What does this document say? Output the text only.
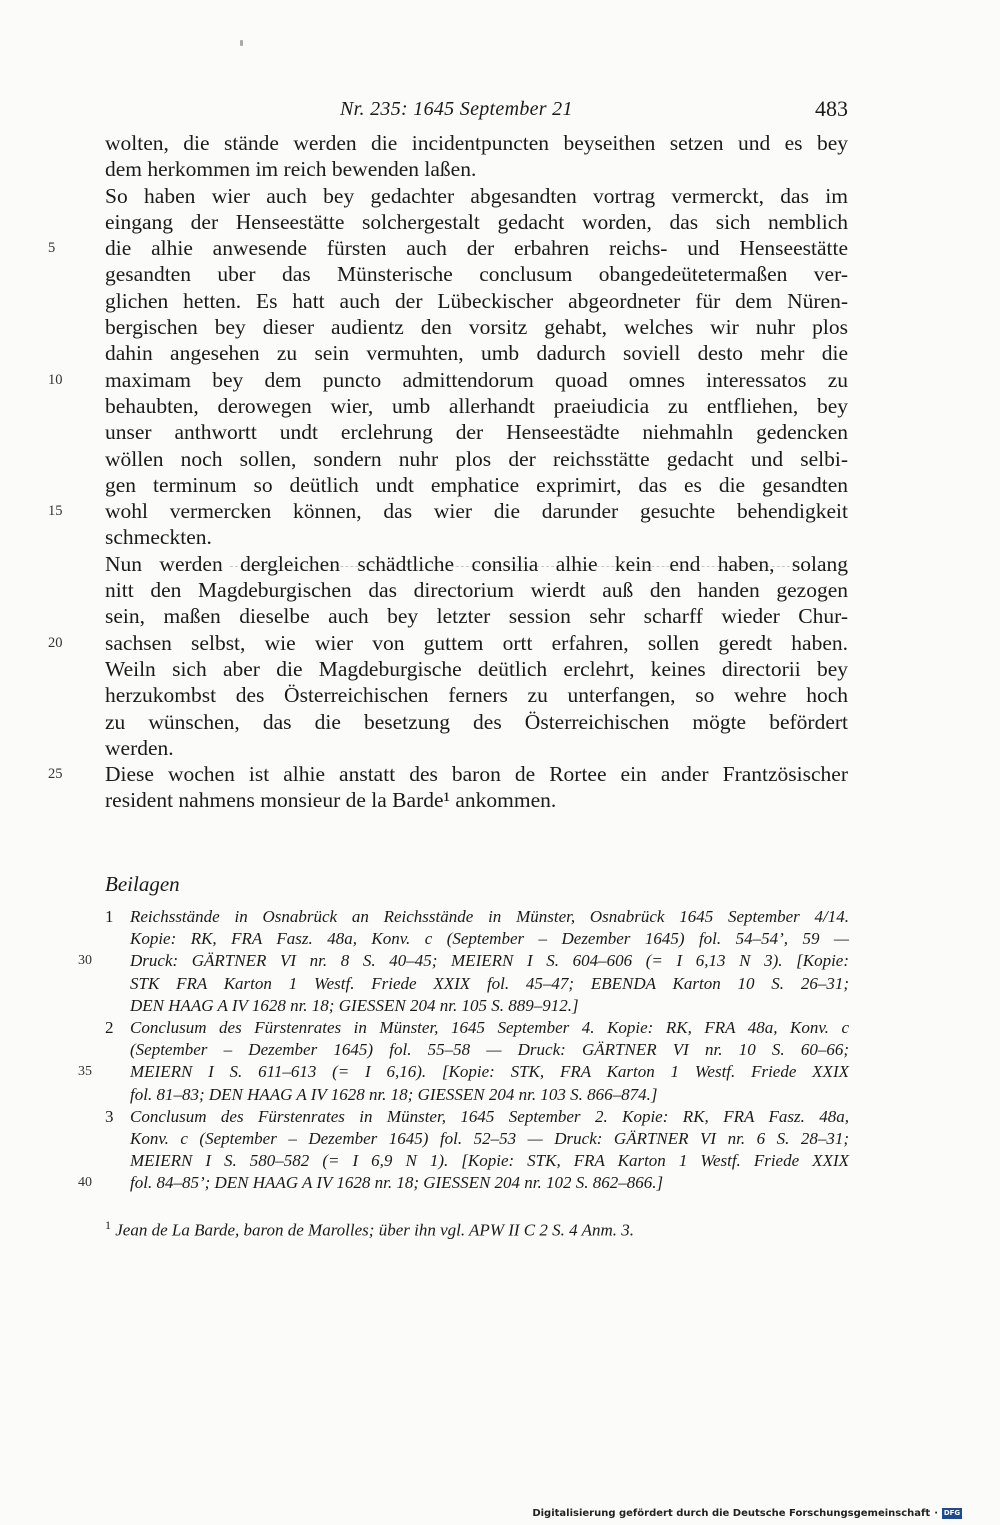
Nr. 235: 1645 September 21	483
wolten, die stände werden die incidentpuncten beyseithen setzen und es bey
dem herkommen im reich bewenden laßen.
So haben wier auch bey gedachter abgesandten vortrag vermerckt, das im
eingang der Henseestätte solchergestalt gedacht worden, das sich nemblich
5 die alhie anwesende fürsten auch der erbahren reichs- und Henseestätte
gesandten uber das Münsterische conclusum obangedeütetermaßen ver-
glichen hetten. Es hatt auch der Lübeckischer abgeordneter für dem Nüren-
bergischen bey dieser audientz den vorsitz gehabt, welches wir nuhr plos
dahin angesehen zu sein vermuhten, umb dadurch soviell desto mehr die
10 maximam bey dem puncto admittendorum quoad omnes interessatos zu
behaubten, derowegen wier, umb allerhandt praeiudicia zu entfliehen, bey
unser anthwortt undt erclehrung der Henseestädte niehmahln gedencken
wöllen noch sollen, sondern nuhr plos der reichsstätte gedacht und selbi-
gen terminum so deütlich undt emphatice exprimirt, das es die gesandten
15 wohl vermercken können, das wier die darunder gesuchte behendigkeit
schmeckten.
Nun werden dergleichen schädtliche consilia alhie kein end haben, solang
nitt den Magdeburgischen das directorium wierdt auß den handen gezogen
sein, maßen dieselbe auch bey letzter session sehr scharff wieder Chur-
20 sachsen selbst, wie wier von guttem ortt erfahren, sollen geredt haben.
Weiln sich aber die Magdeburgische deütlich erclehrt, keines directorii bey
herzukombst des Österreichischen ferners zu unterfangen, so wehre hoch
zu wünschen, das die besetzung des Österreichischen mögte befördert
werden.
25 Diese wochen ist alhie anstatt des baron de Rortee ein ander Frantzösischer
resident nahmens monsieur de la Barde¹ ankommen.
Beilagen
1 Reichsstände in Osnabrück an Reichsstände in Münster, Osnabrück 1645 September 4/14.
Kopie: RK, FRA Fasz. 48a, Konv. c (September – Dezember 1645) fol. 54–54’, 59 —
30 Druck: GÄRTNER VI nr. 8 S. 40–45; MEIERN I S. 604–606 (= I 6,13 N 3). [Kopie:
STK FRA Karton 1 Westf. Friede XXIX fol. 45–47; EBENDA Karton 10 S. 26–31;
DEN HAAG A IV 1628 nr. 18; GIESSEN 204 nr. 105 S. 889–912.]
2 Conclusum des Fürstenrates in Münster, 1645 September 4. Kopie: RK, FRA 48a, Konv. c
(September – Dezember 1645) fol. 55–58 — Druck: GÄRTNER VI nr. 10 S. 60–66;
35 MEIERN I S. 611–613 (= I 6,16). [Kopie: STK, FRA Karton 1 Westf. Friede XXIX
fol. 81–83; DEN HAAG A IV 1628 nr. 18; GIESSEN 204 nr. 103 S. 866–874.]
3 Conclusum des Fürstenrates in Münster, 1645 September 2. Kopie: RK, FRA Fasz. 48a,
Konv. c (September – Dezember 1645) fol. 52–53 — Druck: GÄRTNER VI nr. 6 S. 28–31;
MEIERN I S. 580–582 (= I 6,9 N 1). [Kopie: STK, FRA Karton 1 Westf. Friede XXIX
40 fol. 84–85’; DEN HAAG A IV 1628 nr. 18; GIESSEN 204 nr. 102 S. 862–866.]
$^1$ Jean de La Barde, baron de Marolles; über ihn vgl. APW II C 2 S. 4 Anm. 3.
Digitalisierung gefördert durch die Deutsche Forschungsgemeinschaft · DFG
